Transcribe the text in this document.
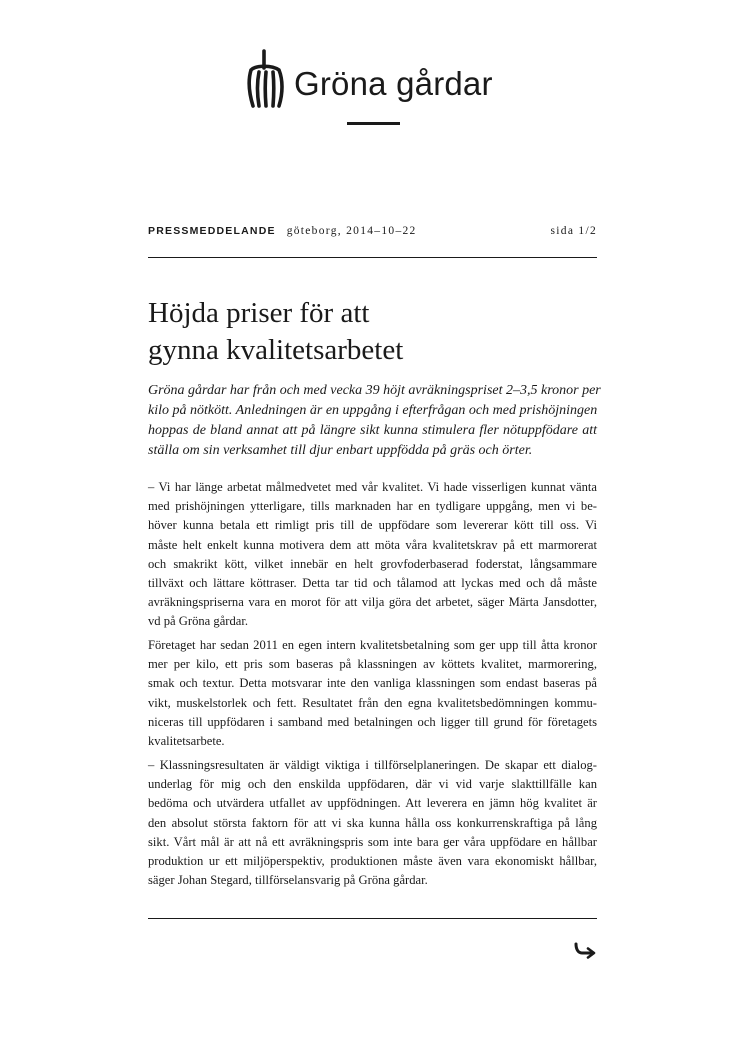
Gröna gårdar
PRESSMEDDELANDE göteborg, 2014–10–22	sida 1/2
Höjda priser för att
gynna kvalitetsarbetet

Gröna gårdar har från och med vecka 39 höjt avräkningspriset 2–3,5 kronor per
kilo på nötkött. Anledningen är en uppgång i efterfrågan och med prishöjningen
hoppas de bland annat att på längre sikt kunna stimulera fler nötuppfödare att
ställa om sin verksamhet till djur enbart uppfödda på gräs och örter.

– Vi har länge arbetat målmedvetet med vår kvalitet. Vi hade visserligen kunnat vänta
med prishöjningen ytterligare, tills marknaden har en tydligare uppgång, men vi be-
höver kunna betala ett rimligt pris till de uppfödare som levererar kött till oss. Vi
måste helt enkelt kunna motivera dem att möta våra kvalitetskrav på ett marmorerat
och smakrikt kött, vilket innebär en helt grovfoderbaserad foderstat, långsammare
tillväxt och lättare köttraser. Detta tar tid och tålamod att lyckas med och då måste
avräkningspriserna vara en morot för att vilja göra det arbetet, säger Märta Jansdotter,
vd på Gröna gårdar.

Företaget har sedan 2011 en egen intern kvalitetsbetalning som ger upp till åtta kronor
mer per kilo, ett pris som baseras på klassningen av köttets kvalitet, marmorering,
smak och textur. Detta motsvarar inte den vanliga klassningen som endast baseras på
vikt, muskelstorlek och fett. Resultatet från den egna kvalitetsbedömningen kommu-
niceras till uppfödaren i samband med betalningen och ligger till grund för företagets
kvalitetsarbete.

– Klassningsresultaten är väldigt viktiga i tillförselplaneringen. De skapar ett dialog-
underlag för mig och den enskilda uppfödaren, där vi vid varje slakttillfälle kan
bedöma och utvärdera utfallet av uppfödningen. Att leverera en jämn hög kvalitet är
den absolut största faktorn för att vi ska kunna hålla oss konkurrenskraftiga på lång
sikt. Vårt mål är att nå ett avräkningspris som inte bara ger våra uppfödare en hållbar
produktion ur ett miljöperspektiv, produktionen måste även vara ekonomiskt hållbar,
säger Johan Stegard, tillförselansvarig på Gröna gårdar.
